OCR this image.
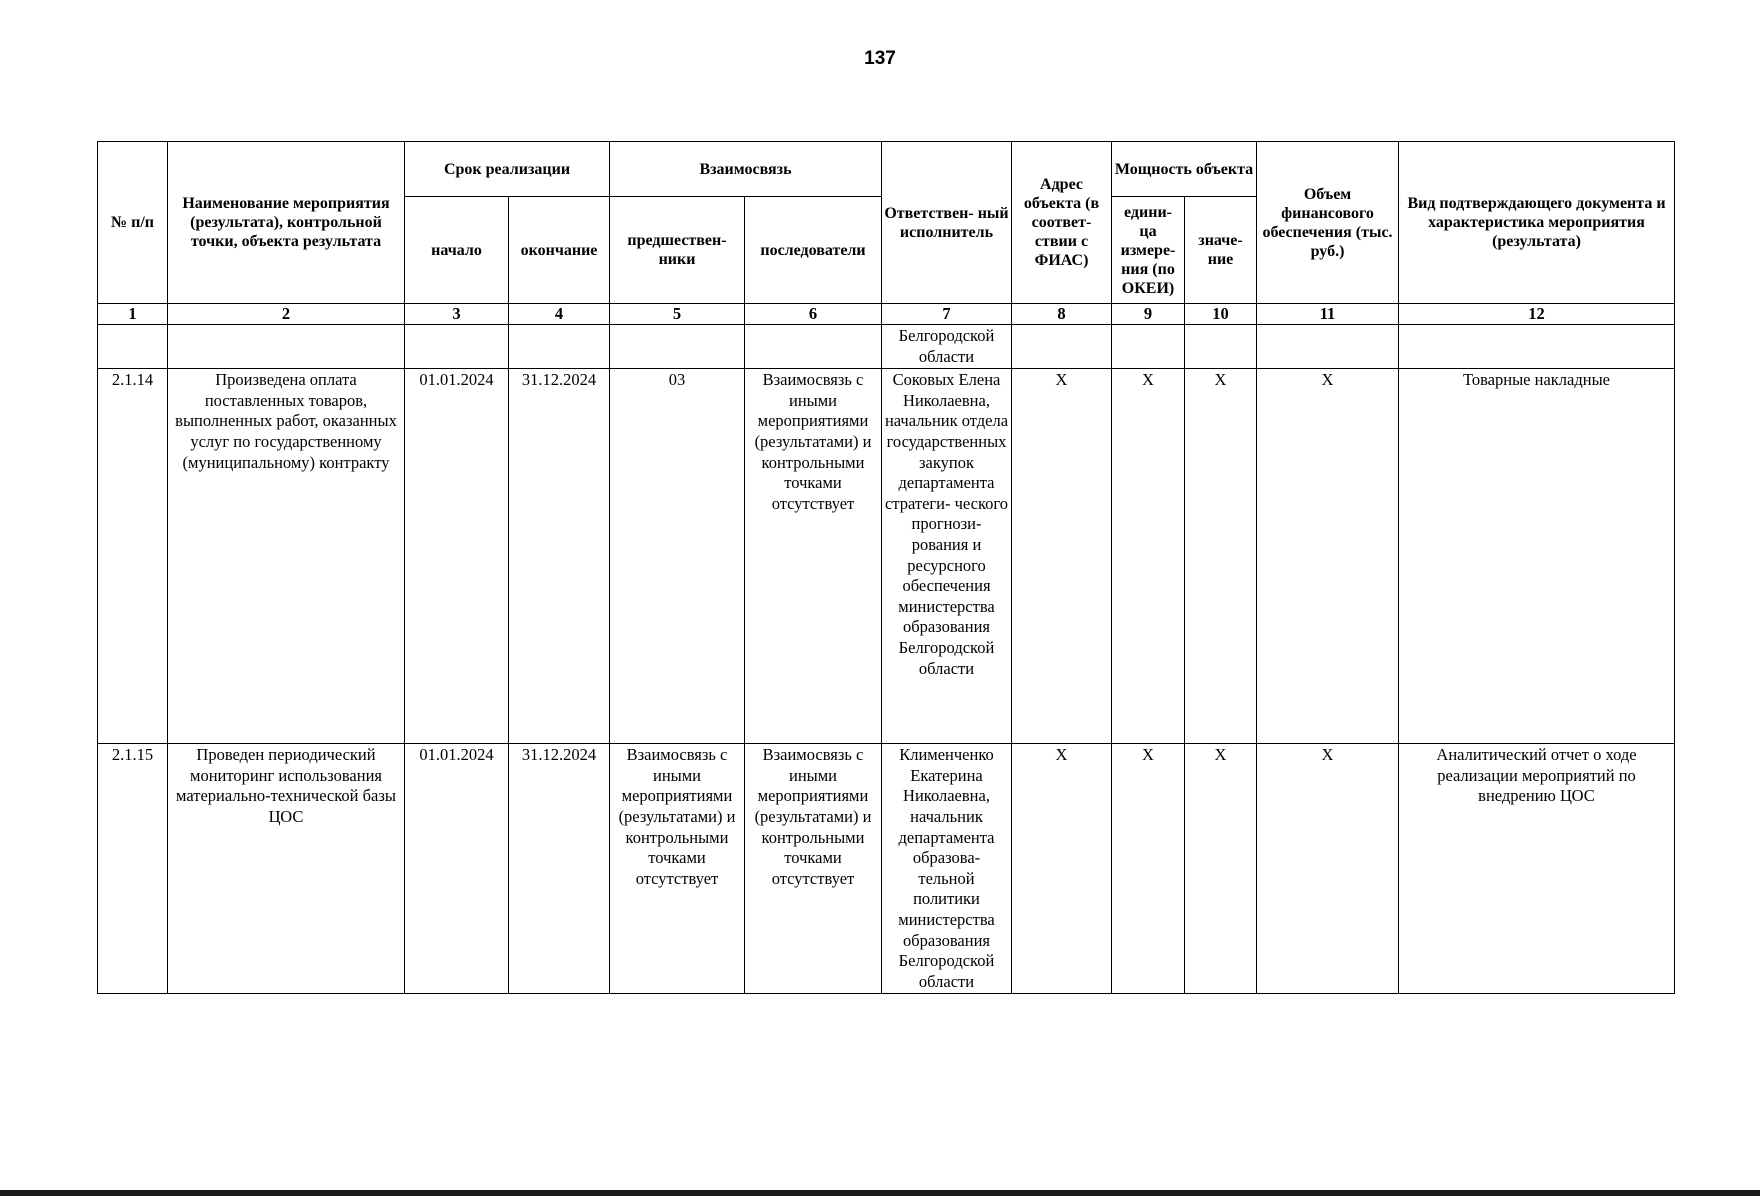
137
№ п/п	Наименование мероприятия (результата), контрольной точки, объекта результата	Срок реализации		Взаимосвязь		Ответствен- ный исполнитель	Адрес объекта (в соответ- ствии с ФИАС)	Мощность объекта		Объем финансового обеспечения (тыс. руб.)	Вид подтверждающего документа и характеристика мероприятия (результата)
		начало	окончание	предшествен- ники	последователи			едини- ца измере- ния (по ОКЕИ)	значе- ние		
1	2	3	4	5	6	7	8	9	10	11	12
						Белгородской области					
2.1.14	Произведена оплата поставленных товаров, выполненных работ, оказанных услуг по государственному (муниципальному) контракту	01.01.2024	31.12.2024	03	Взаимосвязь с иными мероприятиями (результатами) и контрольными точками отсутствует	Соковых Елена Николаевна, начальник отдела государственных закупок департамента стратеги- ческого прогнози- рования и ресурсного обеспечения министерства образования Белгородской области	X	X	X	X	Товарные накладные
2.1.15	Проведен периодический мониторинг использования материально-технической базы ЦОС	01.01.2024	31.12.2024	Взаимосвязь с иными мероприятиями (результатами) и контрольными точками отсутствует	Взаимосвязь с иными мероприятиями (результатами) и контрольными точками отсутствует	Клименченко Екатерина Николаевна, начальник департамента образова- тельной политики министерства образования Белгородской области	X	X	X	X	Аналитический отчет о ходе реализации мероприятий по внедрению ЦОС
